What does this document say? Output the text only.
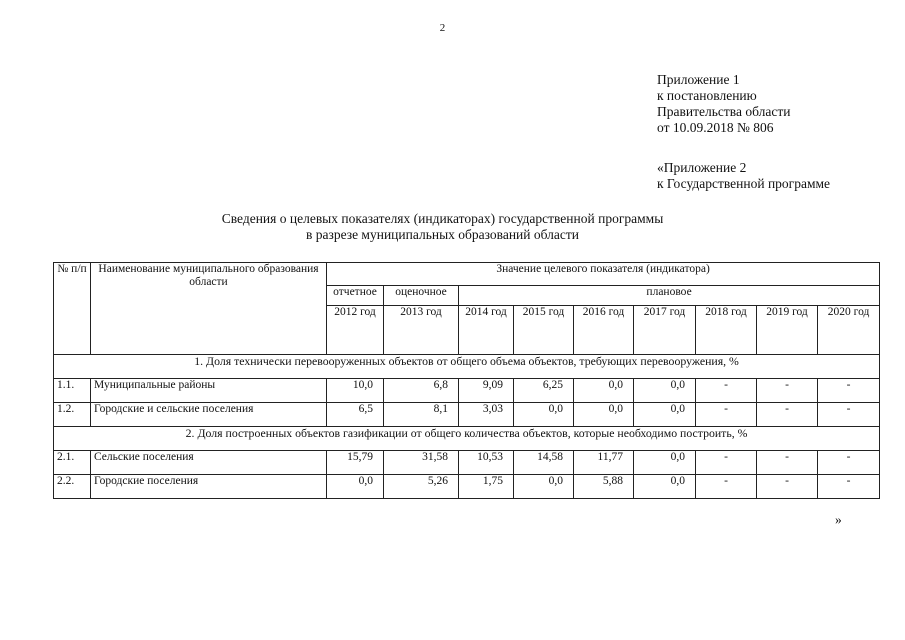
2
Приложение 1
к постановлению
Правительства области
от 10.09.2018 № 806
«Приложение 2
к Государственной программе
Сведения о целевых показателях (индикаторах) государственной программы
в разрезе муниципальных образований области
№ п/п	Наименование муниципального образования области	Значение целевого показателя (индикатора)								
		отчетное	оценочное	плановое						
		2012 год	2013 год	2014 год	2015 год	2016 год	2017 год	2018 год	2019 год	2020 год
1. Доля технически перевооруженных объектов от общего объема объектов, требующих перевооружения, %										
1.1.	Муниципальные районы	10,0	6,8	9,09	6,25	0,0	0,0	-	-	-
1.2.	Городские и сельские поселения	6,5	8,1	3,03	0,0	0,0	0,0	-	-	-
2. Доля построенных объектов газификации от общего количества объектов, которые необходимо построить, %										
2.1.	Сельские поселения	15,79	31,58	10,53	14,58	11,77	0,0	-	-	-
2.2.	Городские поселения	0,0	5,26	1,75	0,0	5,88	0,0	-	-	-
»
